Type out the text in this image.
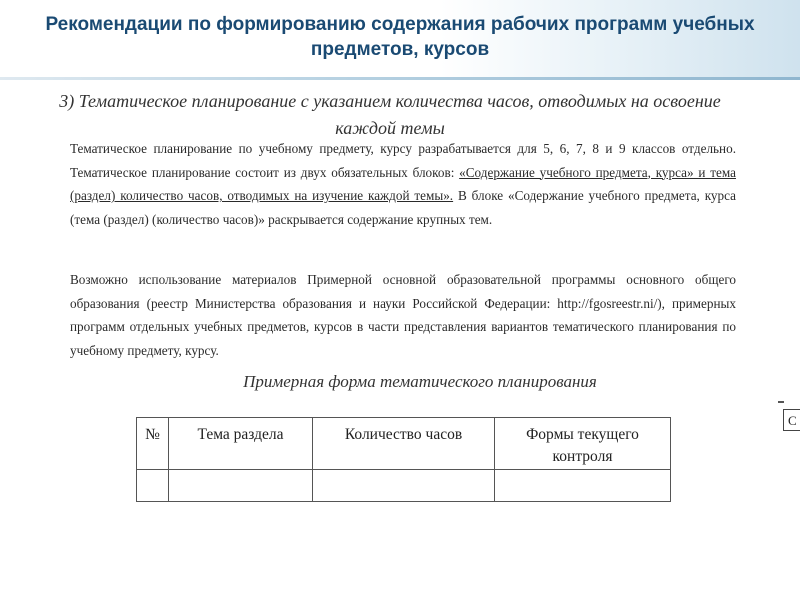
Рекомендации по формированию содержания рабочих программ учебных предметов, курсов
3) Тематическое планирование с указанием количества часов, отводимых на освоение каждой темы
Тематическое планирование по учебному предмету, курсу разрабатывается для 5, 6, 7, 8 и 9 классов отдельно. Тематическое планирование состоит из двух обязательных блоков: «Содержание учебного предмета, курса» и тема (раздел) количество часов, отводимых на изучение каждой темы». В блоке «Содержание учебного предмета, курса (тема (раздел) (количество часов)» раскрывается содержание крупных тем.
Возможно использование материалов Примерной основной образовательной программы основного общего образования (реестр Министерства образования и науки Российской Федерации: http://fgosreestr.ni/), примерных программ отдельных учебных предметов, курсов в части представления вариантов тематического планирования по учебному предмету, курсу.
Примерная форма тематического планирования
№	Тема раздела	Количество часов	Формы текущего контроля

С
